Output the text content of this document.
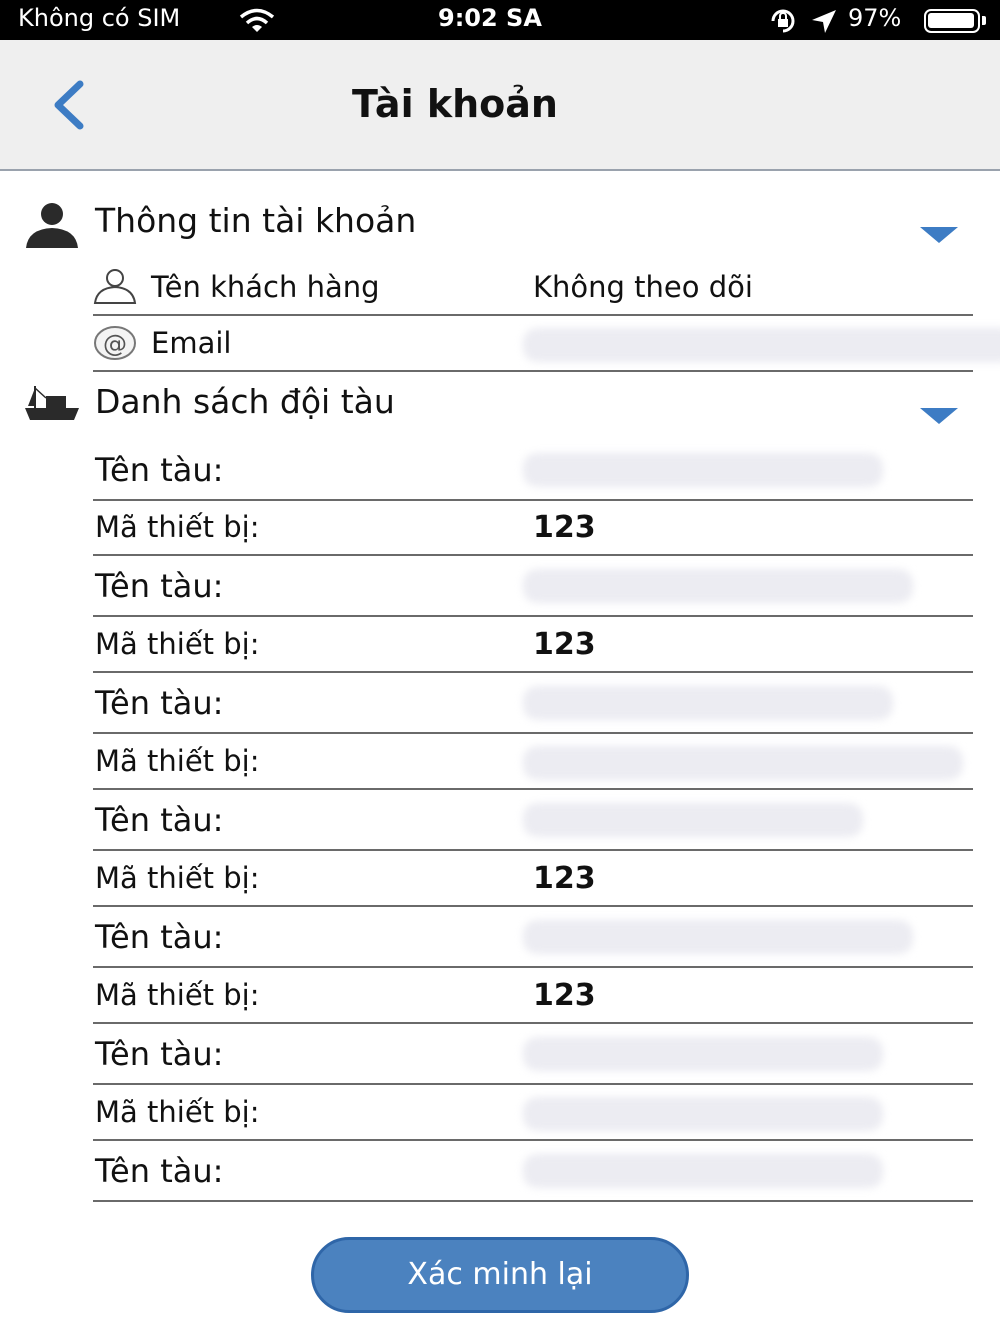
Không có SIM	9:02 SA	97%
Tài khoản
Thông tin tài khoản
Tên khách hàng	Không theo dõi
@ Email
Danh sách đội tàu
Tên tàu:
Mã thiết bị:	123
Tên tàu:
Mã thiết bị:	123
Tên tàu:
Mã thiết bị:
Tên tàu:
Mã thiết bị:	123
Tên tàu:
Mã thiết bị:	123
Tên tàu:
Mã thiết bị:
Tên tàu:
Xác minh lại
